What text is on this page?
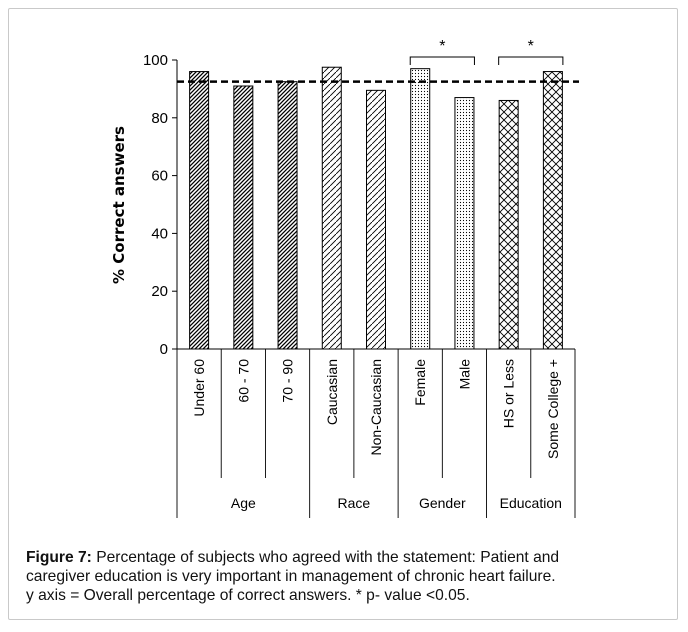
0
20
40
60
80
100
Under 60 60 - 70 70 - 90 Caucasian Non-Caucasian Female Male HS or Less Some College +
Age	Race	Gender Education
*	*
% Correct answers
Figure 7: Percentage of subjects who agreed with the statement: Patient and
caregiver education is very important in management of chronic heart failure.
y axis = Overall percentage of correct answers. * p- value <0.05.
